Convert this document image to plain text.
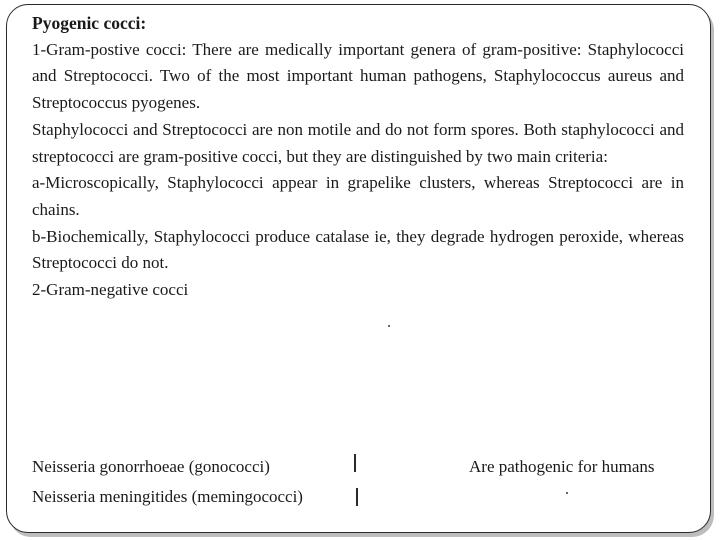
Pyogenic cocci:

1-Gram-postive cocci: There are medically important genera of gram-positive: Staphylococci and Streptococci. Two of the most important human pathogens, Staphylococcus aureus and Streptococcus pyogenes.

Staphylococci and Streptococci are non motile and do not form spores. Both staphylococci and streptococci are gram-positive cocci, but they are distinguished by two main criteria:

a-Microscopically, Staphylococci appear in grapelike clusters, whereas Streptococci are in chains.

b-Biochemically, Staphylococci produce catalase ie, they degrade hydrogen peroxide, whereas Streptococci do not.

2-Gram-negative cocci

Neisseria gonorrhoeae (gonococci)	Are pathogenic for humans
Neisseria meningitides (memingococci)
